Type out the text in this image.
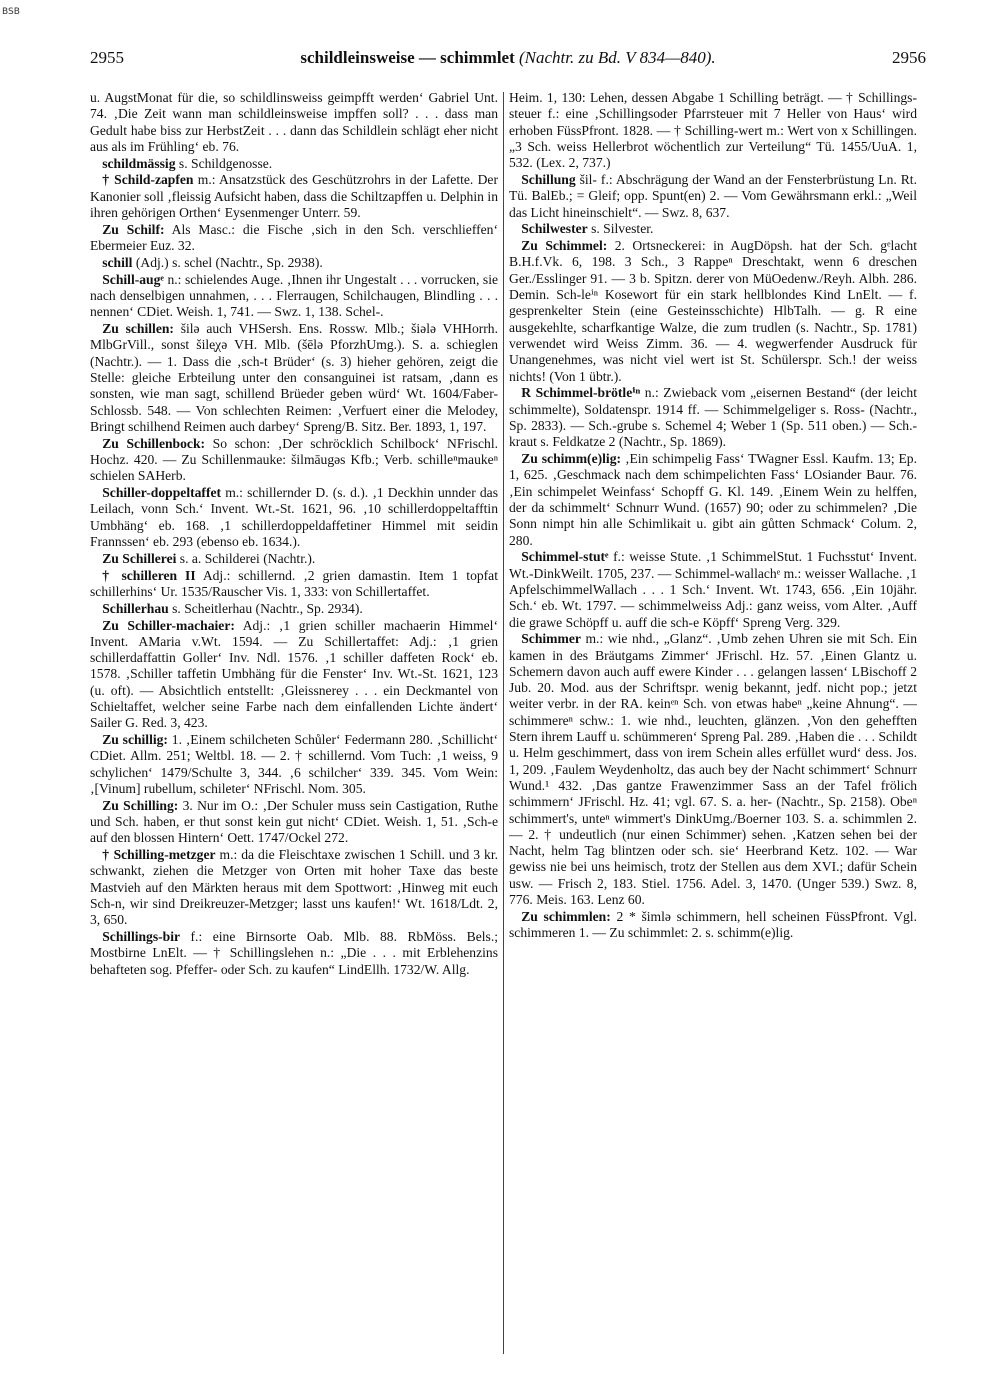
BSB
2955	schildleinsweise — schimmlet (Nachtr. zu Bd. V 834—840).	2956
u. AugstMonat für die, so schildlinsweiss geimpfft werden‘ Gabriel Unt. 74. ‚Die Zeit wann man schildleinsweise impffen soll? . . . dass man Gedult habe biss zur HerbstZeit . . . dann das Schildlein schlägt eher nicht aus als im Frühling‘ eb. 76.
schildmässig s. Schildgenosse.
† Schild-zapfen m.: Ansatzstück des Geschützrohrs in der Lafette. Der Kanonier soll ‚fleissig Aufsicht haben, dass die Schiltzapffen u. Delphin in ihren gehörigen Orthen‘ Eysenmenger Unterr. 59.
Zu Schilf: Als Masc.: die Fische ‚sich in den Sch. verschlieffen‘ Ebermeier Euz. 32.
schill (Adj.) s. schel (Nachtr., Sp. 2938).
Schill-augᵉ n.: schielendes Auge. ‚Ihnen ihr Ungestalt . . . vorrucken, sie nach denselbigen unnahmen, . . . Flerraugen, Schilchaugen, Blindling . . . nennen‘ CDiet. Weish. 1, 741. — Swz. 1, 138. Schel-.
Zu schillen: šilə auch VHSersh. Ens. Rossw. Mlb.; šiələ VHHorrh. MlbGrVill., sonst šilᶒχə VH. Mlb. (šēlə PforzhUmg.). S. a. schieglen (Nachtr.). — 1. Dass die ‚sch‑t Brüder‘ (s. 3) hieher gehören, zeigt die Stelle: gleiche Erbteilung unter den consanguinei ist ratsam, ‚dann es sonsten, wie man sagt, schillend Brüeder geben würd‘ Wt. 1604/Faber-Schlossb. 548. — Von schlechten Reimen: ‚Verfuert einer die Melodey, Bringt schilhend Reimen auch darbey‘ Spreng/B. Sitz. Ber. 1893, 1, 197.
Zu Schillenbock: So schon: ‚Der schröcklich Schilbock‘ NFrischl. Hochz. 420. — Zu Schillenmauke: šilmāugəs Kfb.; Verb. schilleⁿmaukeⁿ schielen SAHerb.
Schiller-doppeltaffet m.: schillernder D. (s. d.). ‚1 Deckhin unnder das Leilach, vonn Sch.‘ Invent. Wt.-St. 1621, 96. ‚10 schillerdoppeltafftin Umbhäng‘ eb. 168. ‚1 schillerdoppeldaffetiner Himmel mit seidin Frannssen‘ eb. 293 (ebenso eb. 1634.).
Zu Schillerei s. a. Schilderei (Nachtr.).
† schilleren II Adj.: schillernd. ‚2 grien damastin. Item 1 topfat schillerhins‘ Ur. 1535/Rauscher Vis. 1, 333: von Schillertaffet.
Schillerhau s. Scheitlerhau (Nachtr., Sp. 2934).
Zu Schiller-machaier: Adj.: ‚1 grien schiller machaerin Himmel‘ Invent. AMaria v.Wt. 1594. — Zu Schillertaffet: Adj.: ‚1 grien schillerdaffattin Goller‘ Inv. Ndl. 1576. ‚1 schiller daffeten Rock‘ eb. 1578. ‚Schiller taffetin Umbhäng für die Fenster‘ Inv. Wt.-St. 1621, 123 (u. oft). — Absichtlich entstellt: ‚Gleissnerey . . . ein Deckmantel von Schieltaffet, welcher seine Farbe nach dem einfallenden Lichte ändert‘ Sailer G. Red. 3, 423.
Zu schillig: 1. ‚Einem schilcheten Schůler‘ Federmann 280. ‚Schillicht‘ CDiet. Allm. 251; Weltbl. 18. — 2. † schillernd. Vom Tuch: ‚1 weiss, 9 schylichen‘ 1479/Schulte 3, 344. ‚6 schilcher‘ 339. 345. Vom Wein: ‚[Vinum] rubellum, schileter‘ NFrischl. Nom. 305.
Zu Schilling: 3. Nur im O.: ‚Der Schuler muss sein Castigation, Ruthe und Sch. haben, er thut sonst kein gut nicht‘ CDiet. Weish. 1, 51. ‚Sch‑e auf den blossen Hintern‘ Oett. 1747/Ockel 272.
† Schilling-metzger m.: da die Fleischtaxe zwischen 1 Schill. und 3 kr. schwankt, ziehen die Metzger von Orten mit hoher Taxe das beste Mastvieh auf den Märkten heraus mit dem Spottwort: ‚Hinweg mit euch Sch‑n, wir sind Dreikreuzer-Metzger; lasst uns kaufen!‘ Wt. 1618/Ldt. 2, 3, 650.
Schillings-bir f.: eine Birnsorte Oab. Mlb. 88. RbMöss. Bels.; Mostbirne LnElt. — † Schillingslehen n.: „Die . . . mit Erblehenzins behafteten sog. Pfeffer- oder Sch. zu kaufen“ LindEllh. 1732/W. Allg.
Heim. 1, 130: Lehen, dessen Abgabe 1 Schilling beträgt. — † Schillings-steuer f.: eine ‚Schillingsoder Pfarrsteuer mit 7 Heller von Haus‘ wird erhoben FüssPfront. 1828. — † Schilling-wert m.: Wert von x Schillingen. „3 Sch. weiss Hellerbrot wöchentlich zur Verteilung“ Tü. 1455/UuA. 1, 532. (Lex. 2, 737.)
Schillung šil- f.: Abschrägung der Wand an der Fensterbrüstung Ln. Rt. Tü. BalEb.; = Gleif; opp. Spunt(en) 2. — Vom Gewährsmann erkl.: „Weil das Licht hineinschielt“. — Swz. 8, 637.
Schilwester s. Silvester.
Zu Schimmel: 2. Ortsneckerei: in AugDöpsh. hat der Sch. gᵉlacht B.H.f.Vk. 6, 198. 3 Sch., 3 Rappeⁿ Dreschtakt, wenn 6 dreschen Ger./Esslinger 91. — 3 b. Spitzn. derer von MüOedenw./Reyh. Albh. 286. Demin. Sch-leⁱⁿ Kosewort für ein stark hellblondes Kind LnElt. — f. gesprenkelter Stein (eine Gesteinsschichte) HlbTalh. — g. R eine ausgekehlte, scharfkantige Walze, die zum trudlen (s. Nachtr., Sp. 1781) verwendet wird Weiss Zimm. 36. — 4. wegwerfender Ausdruck für Unangenehmes, was nicht viel wert ist St. Schülerspr. Sch.! der weiss nichts! (Von 1 übtr.).
R Schimmel-brötleⁱⁿ n.: Zwieback vom „eisernen Bestand“ (der leicht schimmelte), Soldatenspr. 1914 ff. — Schimmelgeliger s. Ross- (Nachtr., Sp. 2833). — Sch.-grube s. Schemel 4; Weber 1 (Sp. 511 oben.) — Sch.-kraut s. Feldkatze 2 (Nachtr., Sp. 1869).
Zu schimm(e)lig: ‚Ein schimpelig Fass‘ TWagner Essl. Kaufm. 13; Ep. 1, 625. ‚Geschmack nach dem schimpelichten Fass‘ LOsiander Baur. 76. ‚Ein schimpelet Weinfass‘ Schopff G. Kl. 149. ‚Einem Wein zu helffen, der da schimmelt‘ Schnurr Wund. (1657) 90; oder zu schimmelen? ‚Die Sonn nimpt hin alle Schimlikait u. gibt ain gůtten Schmack‘ Colum. 2, 280.
Schimmel-stutᵉ f.: weisse Stute. ‚1 SchimmelStut. 1 Fuchsstut‘ Invent. Wt.-DinkWeilt. 1705, 237. — Schimmel-wallachᵉ m.: weisser Wallache. ‚1 ApfelschimmelWallach . . . 1 Sch.‘ Invent. Wt. 1743, 656. ‚Ein 10jähr. Sch.‘ eb. Wt. 1797. — schimmelweiss Adj.: ganz weiss, vom Alter. ‚Auff die grawe Schöpff u. auff die sch‑e Köpff‘ Spreng Verg. 329.
Schimmer m.: wie nhd., „Glanz“. ‚Umb zehen Uhren sie mit Sch. Ein kamen in des Bräutgams Zimmer‘ JFrischl. Hz. 57. ‚Einen Glantz u. Schemern davon auch auff ewere Kinder . . . gelangen lassen‘ LBischoff 2 Jub. 20. Mod. aus der Schriftspr. wenig bekannt, jedf. nicht pop.; jetzt weiter verbr. in der RA. keinᵉⁿ Sch. von etwas habeⁿ „keine Ahnung“. — schimmereⁿ schw.: 1. wie nhd., leuchten, glänzen. ‚Von den gehefften Stern ihrem Lauff u. schümmeren‘ Spreng Pal. 289. ‚Haben die . . . Schildt u. Helm geschimmert, dass von irem Schein alles erfüllet wurd‘ dess. Jos. 1, 209. ‚Faulem Weydenholtz, das auch bey der Nacht schimmert‘ Schnurr Wund.¹ 432. ‚Das gantze Frawenzimmer Sass an der Tafel frölich schimmern‘ JFrischl. Hz. 41; vgl. 67. S. a. her- (Nachtr., Sp. 2158). Obeⁿ schimmert's, unteⁿ wimmert's DinkUmg./Boerner 103. S. a. schimmlen 2. — 2. † undeutlich (nur einen Schimmer) sehen. ‚Katzen sehen bei der Nacht, helm Tag blintzen oder sch. sie‘ Heerbrand Ketz. 102. — War gewiss nie bei uns heimisch, trotz der Stellen aus dem XVI.; dafür Schein usw. — Frisch 2, 183. Stiel. 1756. Adel. 3, 1470. (Unger 539.) Swz. 8, 776. Meis. 163. Lenz 60.
Zu schimmlen: 2 * šimlə schimmern, hell scheinen FüssPfront. Vgl. schimmeren 1. — Zu schimmlet: 2. s. schimm(e)lig.
